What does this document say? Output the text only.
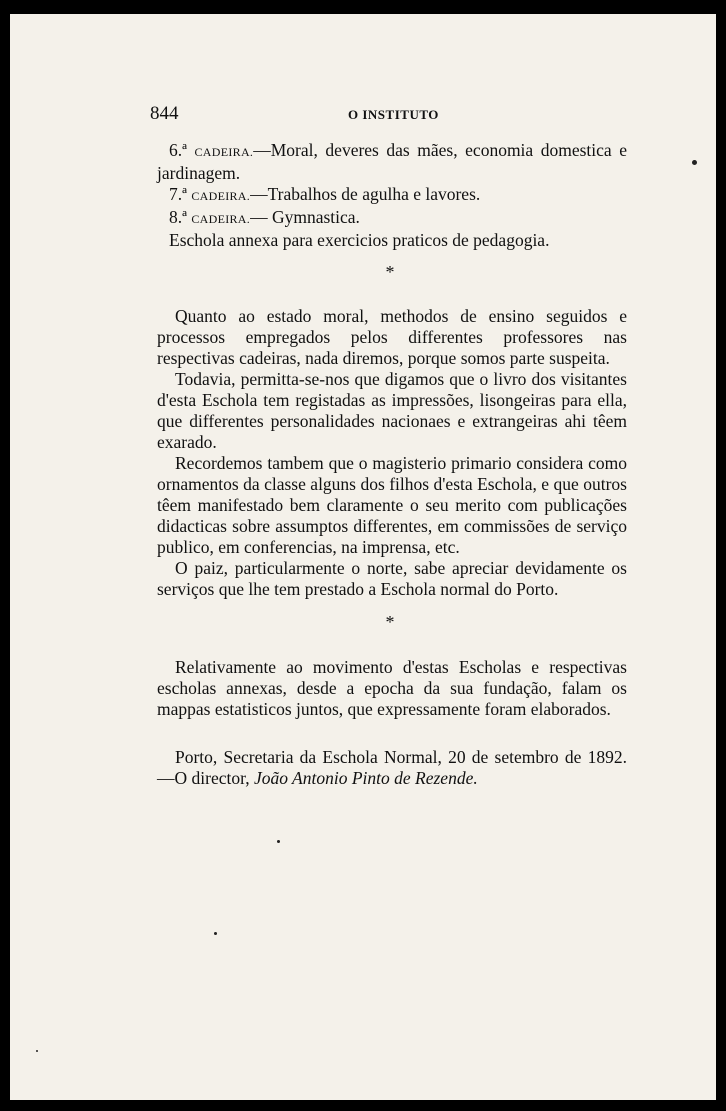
844	O INSTITUTO

6.ª CADEIRA.—Moral, deveres das mães, economia domestica e jardinagem.

7.ª CADEIRA.—Trabalhos de agulha e lavores.

8.ª CADEIRA.— Gymnastica.

Eschola annexa para exercicios praticos de pedagogia.

*

Quanto ao estado moral, methodos de ensino seguidos e processos empregados pelos differentes professores nas respectivas cadeiras, nada diremos, porque somos parte suspeita.

Todavia, permitta-se-nos que digamos que o livro dos visitantes d'esta Eschola tem registadas as impressões, lisongeiras para ella, que differentes personalidades nacionaes e extrangeiras ahi têem exarado.

Recordemos tambem que o magisterio primario considera como ornamentos da classe alguns dos filhos d'esta Eschola, e que outros têem manifestado bem claramente o seu merito com publicações didacticas sobre assumptos differentes, em commissões de serviço publico, em conferencias, na imprensa, etc.

O paiz, particularmente o norte, sabe apreciar devidamente os serviços que lhe tem prestado a Eschola normal do Porto.

*

Relativamente ao movimento d'estas Escholas e respectivas escholas annexas, desde a epocha da sua fundação, falam os mappas estatisticos juntos, que expressamente foram elaborados.

Porto, Secretaria da Eschola Normal, 20 de setembro de 1892.—O director, João Antonio Pinto de Rezende.
